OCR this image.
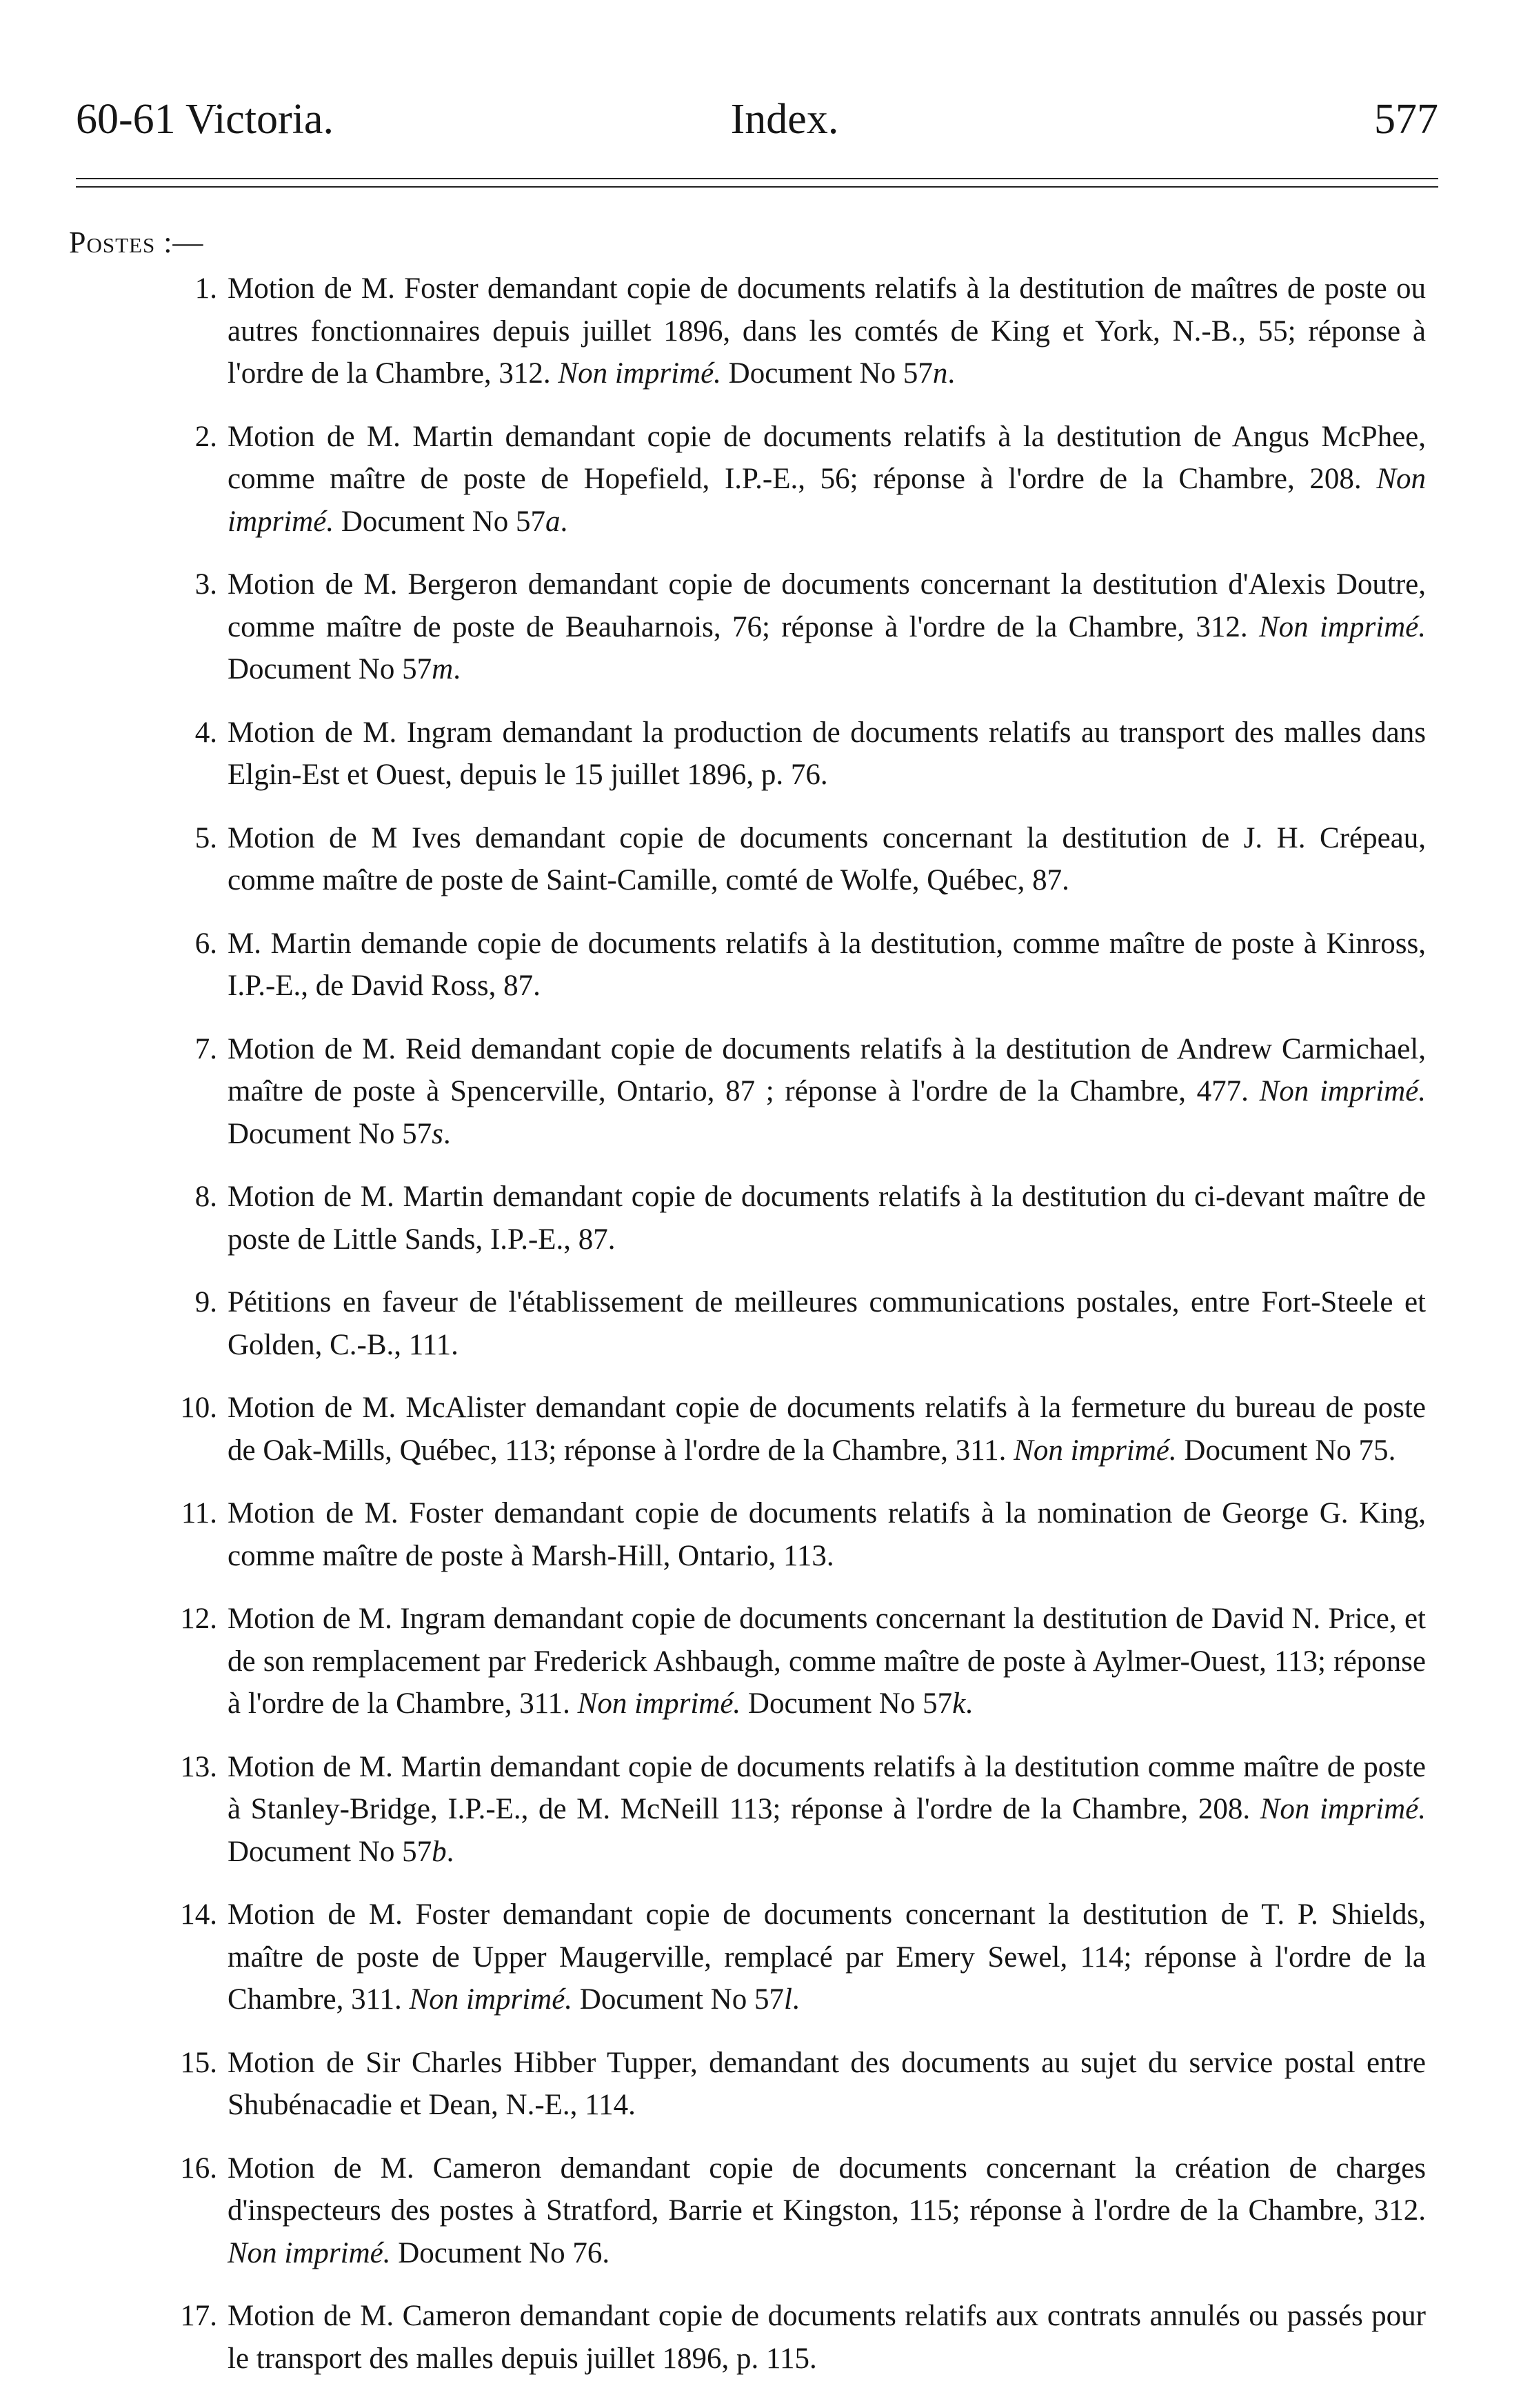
60-61 Victoria.	Index.	577
Postes :—
1. Motion de M. Foster demandant copie de documents relatifs à la destitution de maîtres de poste ou autres fonctionnaires depuis juillet 1896, dans les comtés de King et York, N.-B., 55; réponse à l'ordre de la Chambre, 312. Non imprimé. Document No 57n.
2. Motion de M. Martin demandant copie de documents relatifs à la destitution de Angus McPhee, comme maître de poste de Hopefield, I.P.-E., 56; réponse à l'ordre de la Chambre, 208. Non imprimé. Document No 57a.
3. Motion de M. Bergeron demandant copie de documents concernant la destitution d'Alexis Doutre, comme maître de poste de Beauharnois, 76; réponse à l'ordre de la Chambre, 312. Non imprimé. Document No 57m.
4. Motion de M. Ingram demandant la production de documents relatifs au transport des malles dans Elgin-Est et Ouest, depuis le 15 juillet 1896, p. 76.
5. Motion de M Ives demandant copie de documents concernant la destitution de J. H. Crépeau, comme maître de poste de Saint-Camille, comté de Wolfe, Québec, 87.
6. M. Martin demande copie de documents relatifs à la destitution, comme maître de poste à Kinross, I.P.-E., de David Ross, 87.
7. Motion de M. Reid demandant copie de documents relatifs à la destitution de Andrew Carmichael, maître de poste à Spencerville, Ontario, 87 ; réponse à l'ordre de la Chambre, 477. Non imprimé. Document No 57s.
8. Motion de M. Martin demandant copie de documents relatifs à la destitution du ci-devant maître de poste de Little Sands, I.P.-E., 87.
9. Pétitions en faveur de l'établissement de meilleures communications postales, entre Fort-Steele et Golden, C.-B., 111.
10. Motion de M. McAlister demandant copie de documents relatifs à la fermeture du bureau de poste de Oak-Mills, Québec, 113; réponse à l'ordre de la Chambre, 311. Non imprimé. Document No 75.
11. Motion de M. Foster demandant copie de documents relatifs à la nomination de George G. King, comme maître de poste à Marsh-Hill, Ontario, 113.
12. Motion de M. Ingram demandant copie de documents concernant la destitution de David N. Price, et de son remplacement par Frederick Ashbaugh, comme maître de poste à Aylmer-Ouest, 113; réponse à l'ordre de la Chambre, 311. Non imprimé. Document No 57k.
13. Motion de M. Martin demandant copie de documents relatifs à la destitution comme maître de poste à Stanley-Bridge, I.P.-E., de M. McNeill 113; réponse à l'ordre de la Chambre, 208. Non imprimé. Document No 57b.
14. Motion de M. Foster demandant copie de documents concernant la destitution de T. P. Shields, maître de poste de Upper Maugerville, remplacé par Emery Sewel, 114; réponse à l'ordre de la Chambre, 311. Non imprimé. Document No 57l.
15. Motion de Sir Charles Hibber Tupper, demandant des documents au sujet du service postal entre Shubénacadie et Dean, N.-E., 114.
16. Motion de M. Cameron demandant copie de documents concernant la création de charges d'inspecteurs des postes à Stratford, Barrie et Kingston, 115; réponse à l'ordre de la Chambre, 312. Non imprimé. Document No 76.
17. Motion de M. Cameron demandant copie de documents relatifs aux contrats annulés ou passés pour le transport des malles depuis juillet 1896, p. 115.
